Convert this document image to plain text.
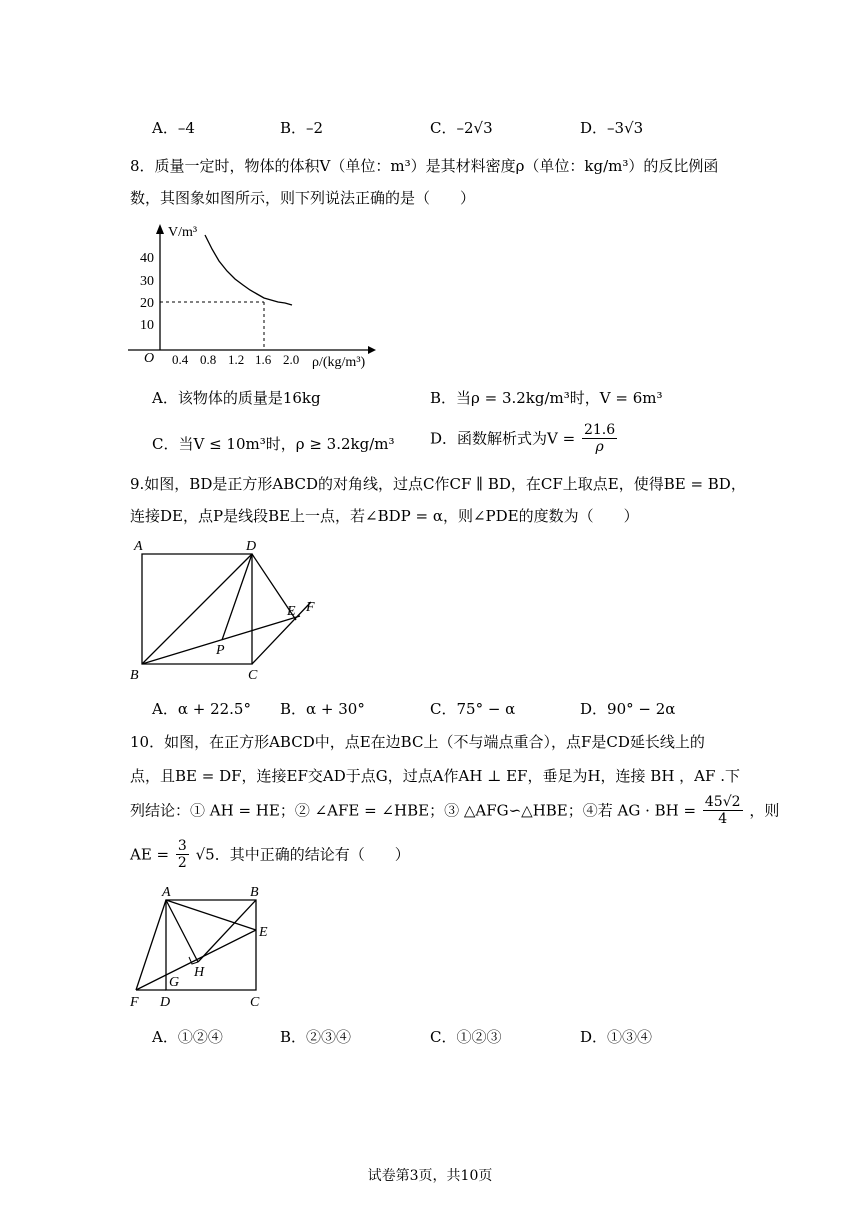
A．–4	B．–2	C．–2√3	D．–3√3
8．质量一定时，物体的体积V（单位：m³）是其材料密度ρ（单位：kg/m³）的反比例函
数，其图象如图所示，则下列说法正确的是（　　）
40
30
20
10
O 0.4 0.8 1.2 1.6 2.0
V/m³
ρ/(kg/m³)
A．该物体的质量是16kg	B．当ρ = 3.2kg/m³时，V = 6m³
C．当V ≤ 10m³时，ρ ≥ 3.2kg/m³ D．函数解析式为$V = \frac{21.6}{\rho}$
9.如图，BD是正方形ABCD的对角线，过点C作CF ∥ BD，在CF上取点E，使得BE = BD，
连接DE，点P是线段BE上一点，若∠BDP = α，则∠PDE的度数为（　　）
A	D
B	C
E F
P
A．α + 22.5° B．α + 30°	C．75° − α	D．90° − 2α
10．如图，在正方形ABCD中，点E在边BC上（不与端点重合），点F是CD延长线上的
点，且BE = DF，连接EF交AD于点G，过点A作AH ⊥ EF，垂足为H，连接 BH ，AF .下
列结论：① AH = HE；② ∠AFE = ∠HBE；③ △AFG∽△HBE；④若 AG · BH = $\frac{45√2}{4}$ ，则
AE = $\frac{3}{2} √5$．其中正确的结论有（　　）
A	B
E
H
G
F D	C
A．①②④	B．②③④	C．①②③	D．①③④
试卷第3页，共10页
